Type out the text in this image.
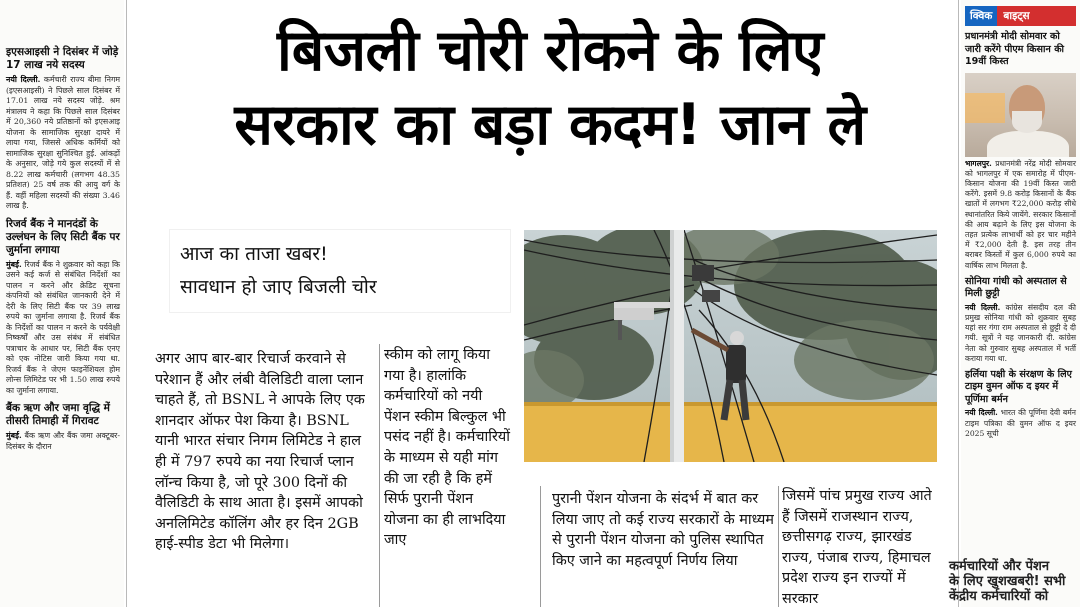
इएसआइसी ने दिसंबर में जोड़े 17 लाख नये सदस्य
नयी दिल्ली. कर्मचारी राज्य बीमा निगम (इएसआइसी) ने पिछले साल दिसंबर में 17.01 लाख नये सदस्य जोड़े. श्रम मंत्रालय ने कहा कि पिछले साल दिसंबर में 20,360 नये प्रतिष्ठानों को इएसआइ योजना के सामाजिक सुरक्षा दायरे में लाया गया, जिससे अधिक कर्मियों को सामाजिक सुरक्षा सुनिश्चित हुई. आंकड़ों के अनुसार, जोड़े गये कुल सदस्यों में से 8.22 लाख कर्मचारी (लगभग 48.35 प्रतिशत) 25 वर्ष तक की आयु वर्ग के हैं. वहीं महिला सदस्यों की संख्या 3.46 लाख है.
रिजर्व बैंक ने मानदंडों के उल्लंघन के लिए सिटी बैंक पर जुर्माना लगाया
मुंबई. रिजर्व बैंक ने शुक्रवार को कहा कि उसने कई कर्ज से संबंधित निर्देशों का पालन न करने और क्रेडिट सूचना कंपनियों को संबंधित जानकारी देने में देरी के लिए सिटी बैंक पर 39 लाख रुपये का जुर्माना लगाया है. रिजर्व बैंक के निर्देशों का पालन न करने के पर्यवेक्षी निष्कर्षों और उस संबंध में संबंधित पत्राचार के आधार पर, सिटी बैंक एनए को एक नोटिस जारी किया गया था. रिजर्व बैंक ने जेएम फाइनेंशियल होम लोन्स लिमिटेड पर भी 1.50 लाख रुपये का जुर्माना लगाया.
बैंक ऋण और जमा वृद्धि में तीसरी तिमाही में गिरावट
मुंबई. बैंक ऋण और बैंक जमा अक्टूबर-दिसंबर के दौरान
बिजली चोरी रोकने के लिए
सरकार का बड़ा कदम! जान ले
आज का ताजा खबर!
सावधान हो जाए बिजली चोर
अगर आप बार-बार रिचार्ज करवाने से परेशान हैं और लंबी वैलिडिटी वाला प्लान चाहते हैं, तो BSNL ने आपके लिए एक शानदार ऑफर पेश किया है। BSNL यानी भारत संचार निगम लिमिटेड ने हाल ही में 797 रुपये का नया रिचार्ज प्लान लॉन्च किया है, जो पूरे 300 दिनों की वैलिडिटी के साथ आता है। इसमें आपको अनलिमिटेड कॉलिंग और हर दिन 2GB हाई-स्पीड डेटा भी मिलेगा।
स्कीम को लागू किया गया है। हालांकि कर्मचारियों को नयी पेंशन स्कीम बिल्कुल भी पसंद नहीं है। कर्मचारियों के माध्यम से यही मांग की जा रही है कि हमें सिर्फ पुरानी पेंशन योजना का ही लाभदिया जाए
पुरानी पेंशन योजना के संदर्भ में बात कर लिया जाए तो कई राज्य सरकारों के माध्यम से पुरानी पेंशन योजना को पुलिस स्थापित किए जाने का महत्वपूर्ण निर्णय लिया
जिसमें पांच प्रमुख राज्य आते हैं जिसमें राजस्थान राज्य, छत्तीसगढ़ राज्य, झारखंड राज्य, पंजाब राज्य, हिमाचल प्रदेश राज्य इन राज्यों में सरकार
क्विक	बाइट्स
प्रधानमंत्री मोदी सोमवार को जारी करेंगे पीएम किसान की 19वीं किस्त
भागलपुर. प्रधानमंत्री नरेंद्र मोदी सोमवार को भागलपुर में एक समारोह में पीएम-किसान योजना की 19वीं किस्त जारी करेंगे. इसमें 9.8 करोड़ किसानों के बैंक खातों में लगभग ₹22,000 करोड़ सीधे स्थानांतरित किये जायेंगे. सरकार किसानों की आय बढ़ाने के लिए इस योजना के तहत प्रत्येक लाभार्थी को हर चार महीने में ₹2,000 देती है. इस तरह तीन बराबर किस्तों में कुल 6,000 रुपये का वार्षिक लाभ मिलता है.
सोनिया गांधी को अस्पताल से मिली छुट्टी
नयी दिल्ली. कांग्रेस संसदीय दल की प्रमुख सोनिया गांधी को शुक्रवार सुबह यहां सर गंगा राम अस्पताल से छुट्टी दे दी गयी. सूत्रों ने यह जानकारी दी. कांग्रेस नेता को गुरुवार सुबह अस्पताल में भर्ती कराया गया था.
हर्लिया पक्षी के संरक्षण के लिए टाइम वुमन ऑफ द इयर में पूर्णिमा बर्मन
नयी दिल्ली. भारत की पूर्णिमा देवी बर्मन टाइम पत्रिका की वुमन ऑफ द इयर 2025 सूची
कर्मचारियों और पेंशन
के लिए खुशखबरी! सभी
केंद्रीय कर्मचारियों को
